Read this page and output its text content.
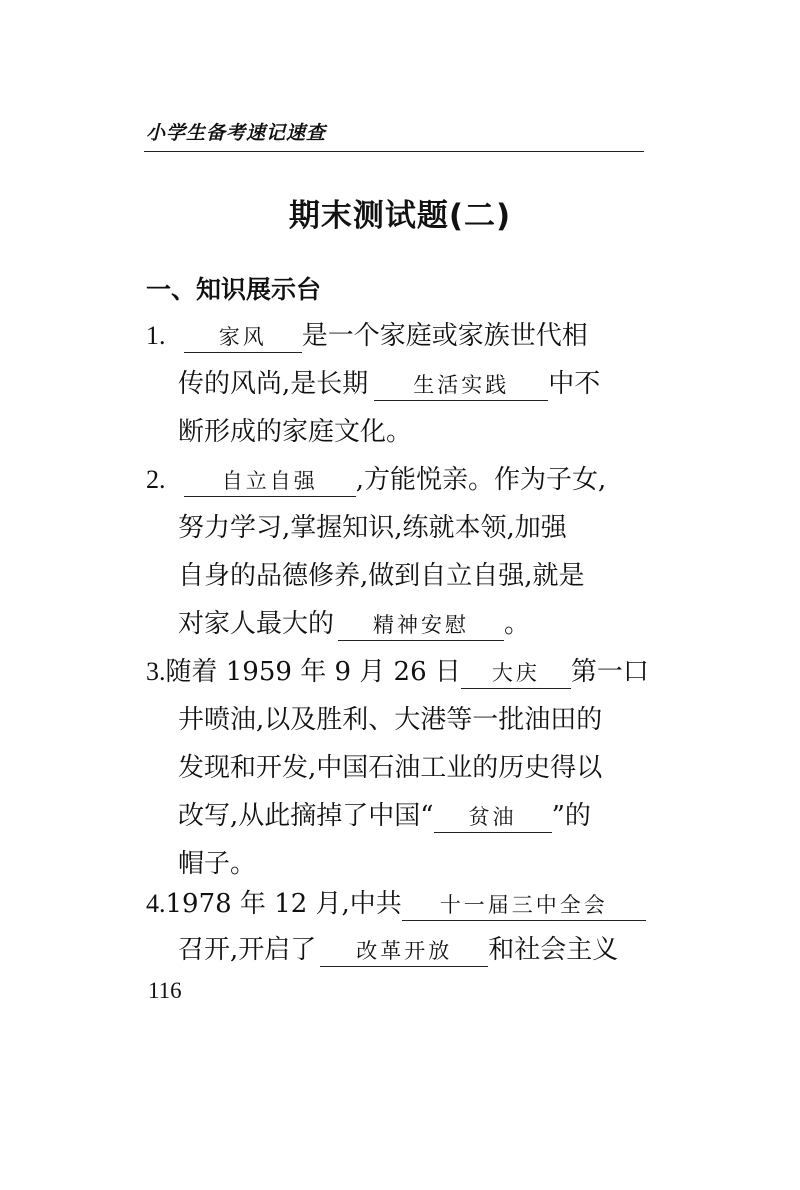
小学生备考速记速查
期末测试题(二)
一、知识展示台
1.	家风 是一个家庭或家族世代相
传的风尚,是长期 生活实践 中不
断形成的家庭文化。
2.	自立自强 ,方能悦亲。作为子女,
努力学习,掌握知识,练就本领,加强
自身的品德修养,做到自立自强,就是
对家人最大的 精神安慰 。
3.随着 1959 年 9 月 26 日 大庆 第一口
井喷油,以及胜利、大港等一批油田的
发现和开发,中国石油工业的历史得以
改写,从此摘掉了中国“ 贫油 ”的
帽子。
4.1978 年 12 月,中共 十一届三中全会
召开,开启了 改革开放 和社会主义
116
